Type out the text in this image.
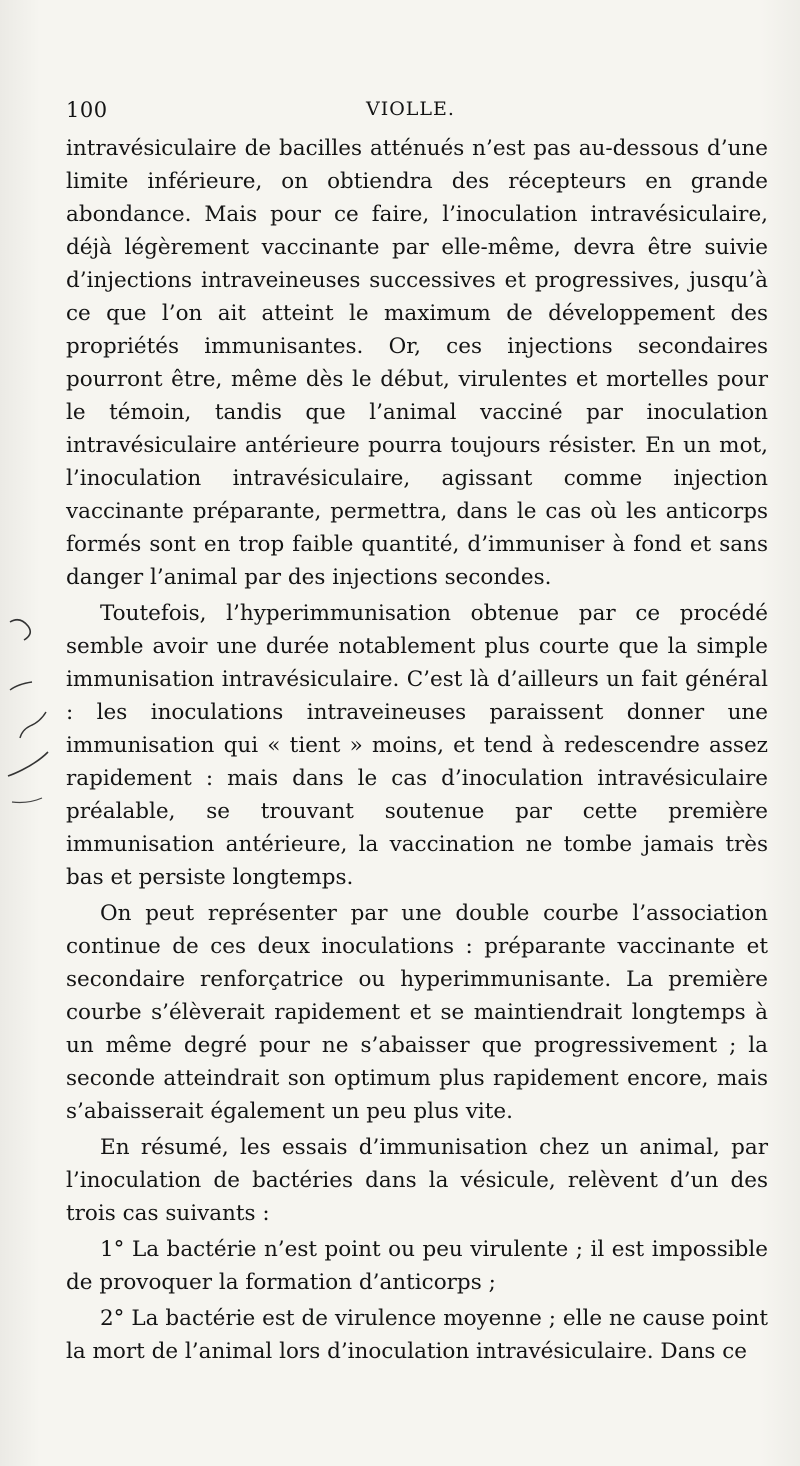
100	VIOLLE.

intravésiculaire de bacilles atténués n’est pas au-dessous d’une limite inférieure, on obtiendra des récepteurs en grande abondance. Mais pour ce faire, l’inoculation intravésiculaire, déjà légèrement vaccinante par elle-même, devra être suivie d’injections intraveineuses successives et progressives, jusqu’à ce que l’on ait atteint le maximum de développement des propriétés immunisantes. Or, ces injections secondaires pourront être, même dès le début, virulentes et mortelles pour le témoin, tandis que l’animal vacciné par inoculation intravésiculaire antérieure pourra toujours résister. En un mot, l’inoculation intravésiculaire, agissant comme injection vaccinante préparante, permettra, dans le cas où les anticorps formés sont en trop faible quantité, d’immuniser à fond et sans danger l’animal par des injections secondes.

Toutefois, l’hyperimmunisation obtenue par ce procédé semble avoir une durée notablement plus courte que la simple immunisation intravésiculaire. C’est là d’ailleurs un fait général : les inoculations intraveineuses paraissent donner une immunisation qui « tient » moins, et tend à redescendre assez rapidement : mais dans le cas d’inoculation intravésiculaire préalable, se trouvant soutenue par cette première immunisation antérieure, la vaccination ne tombe jamais très bas et persiste longtemps.

On peut représenter par une double courbe l’association continue de ces deux inoculations : préparante vaccinante et secondaire renforçatrice ou hyperimmunisante. La première courbe s’élèverait rapidement et se maintiendrait longtemps à un même degré pour ne s’abaisser que progressivement ; la seconde atteindrait son optimum plus rapidement encore, mais s’abaisserait également un peu plus vite.

En résumé, les essais d’immunisation chez un animal, par l’inoculation de bactéries dans la vésicule, relèvent d’un des trois cas suivants :

1° La bactérie n’est point ou peu virulente ; il est impossible de provoquer la formation d’anticorps ;

2° La bactérie est de virulence moyenne ; elle ne cause point la mort de l’animal lors d’inoculation intravésiculaire. Dans ce
